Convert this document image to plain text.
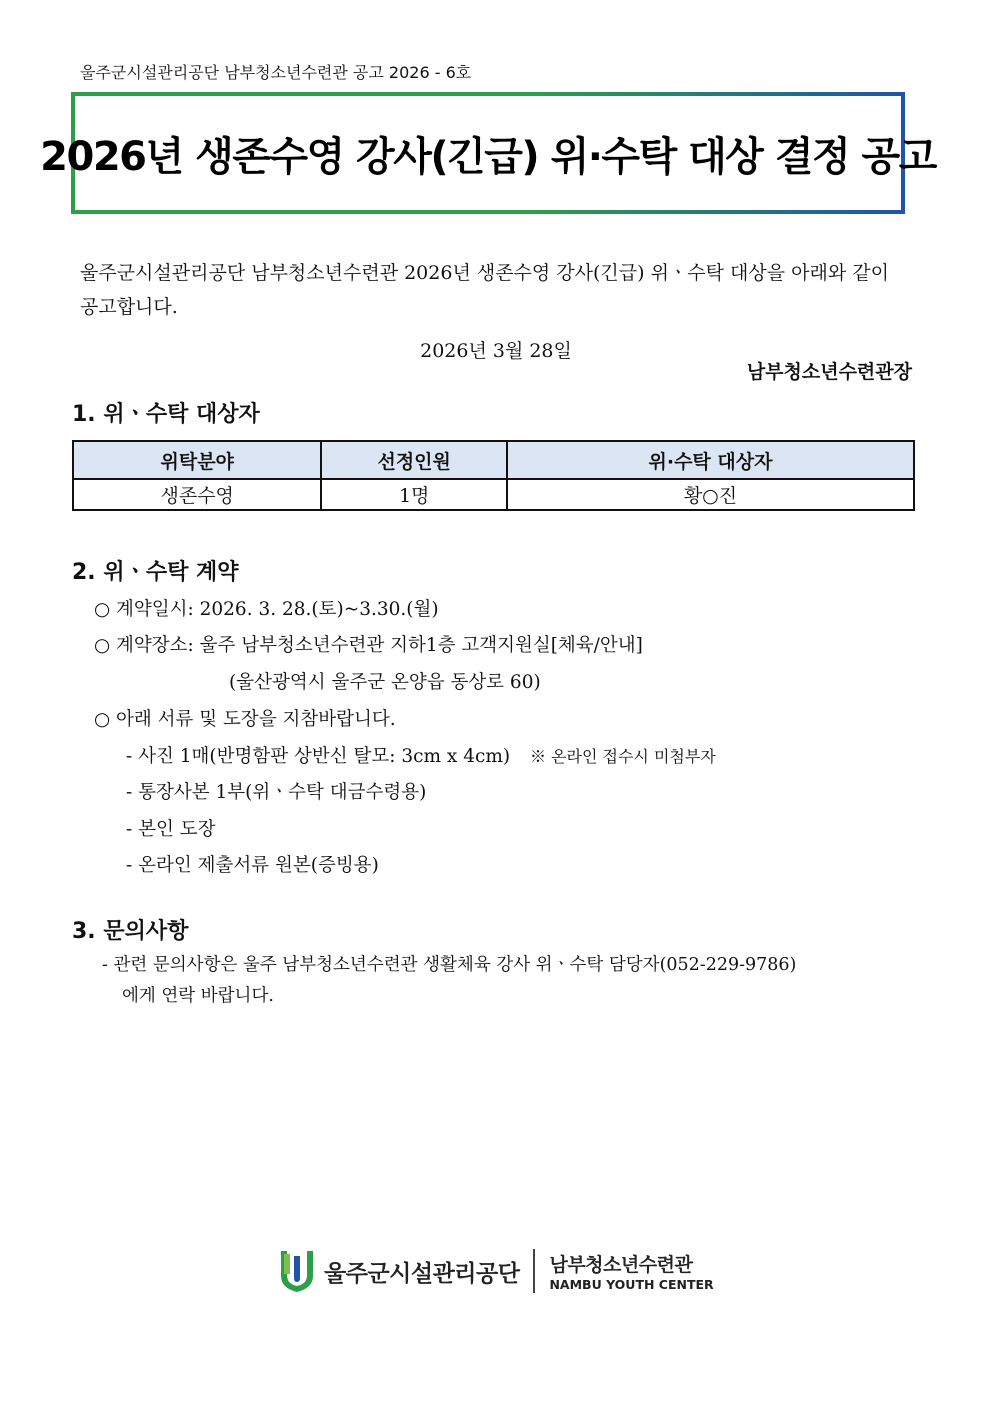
울주군시설관리공단 남부청소년수련관 공고 2026 - 6호
2026년 생존수영 강사(긴급) 위·수탁 대상 결정 공고
울주군시설관리공단 남부청소년수련관 2026년 생존수영 강사(긴급) 위ㆍ수탁 대상을 아래와 같이 공고합니다.
2026년 3월 28일
남부청소년수련관장
1. 위ㆍ수탁 대상자
위탁분야	선정인원	위·수탁 대상자
생존수영	1명	황○진
2. 위ㆍ수탁 계약
○ 계약일시: 2026. 3. 28.(토)~3.30.(월)
○ 계약장소: 울주 남부청소년수련관 지하1층 고객지원실[체육/안내]
(울산광역시 울주군 온양읍 동상로 60)
○ 아래 서류 및 도장을 지참바랍니다.
- 사진 1매(반명함판 상반신 탈모: 3cm x 4cm) ※ 온라인 접수시 미첨부자
- 통장사본 1부(위ㆍ수탁 대금수령용)
- 본인 도장
- 온라인 제출서류 원본(증빙용)
3. 문의사항
- 관련 문의사항은 울주 남부청소년수련관 생활체육 강사 위ㆍ수탁 담당자(052-229-9786)
에게 연락 바랍니다.
울주군시설관리공단 남부청소년수련관
NAMBU YOUTH CENTER
